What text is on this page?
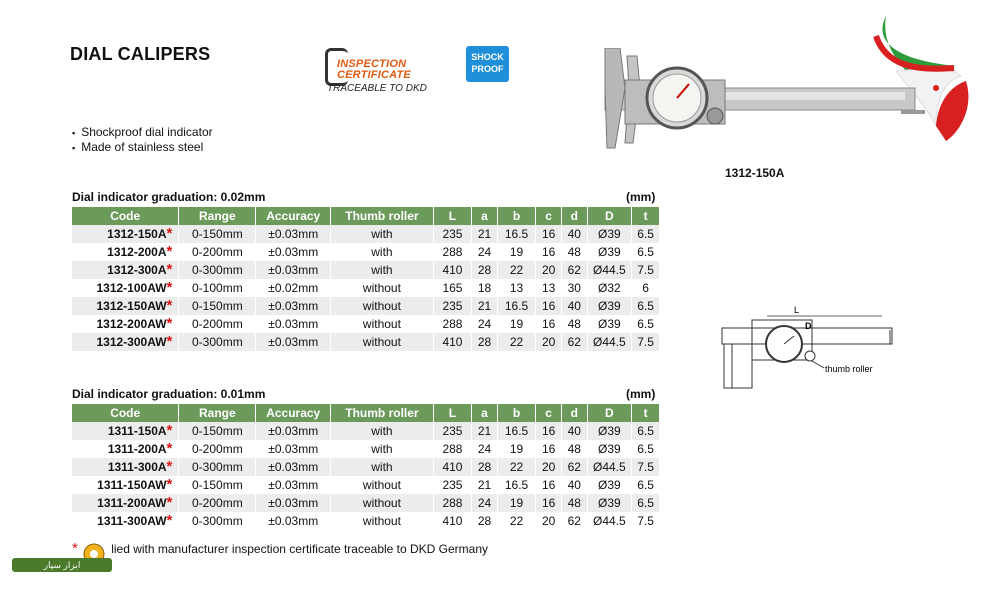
DIAL CALIPERS	INSPECTION
CERTIFICATE
TRACEABLE TO DKD
SHOCK
PROOF
▪ Shockproof dial indicator
▪ Made of stainless steel
1312-150A
L
D
thumb roller
Dial indicator graduation: 0.02mm	(mm)
Code	Range	Accuracy	Thumb roller	L	a	b	c	d	D	t
1312-150A*	0-150mm	±0.03mm	with	235	21	16.5	16	40	Ø39	6.5
1312-200A*	0-200mm	±0.03mm	with	288	24	19	16	48	Ø39	6.5
1312-300A*	0-300mm	±0.03mm	with	410	28	22	20	62	Ø44.5	7.5
1312-100AW*	0-100mm	±0.02mm	without	165	18	13	13	30	Ø32	6
1312-150AW*	0-150mm	±0.03mm	without	235	21	16.5	16	40	Ø39	6.5
1312-200AW*	0-200mm	±0.03mm	without	288	24	19	16	48	Ø39	6.5
1312-300AW*	0-300mm	±0.03mm	without	410	28	22	20	62	Ø44.5	7.5
Dial indicator graduation: 0.01mm	(mm)
Code	Range	Accuracy	Thumb roller	L	a	b	c	d	D	t
1311-150A*	0-150mm	±0.03mm	with	235	21	16.5	16	40	Ø39	6.5
1311-200A*	0-200mm	±0.03mm	with	288	24	19	16	48	Ø39	6.5
1311-300A*	0-300mm	±0.03mm	with	410	28	22	20	62	Ø44.5	7.5
1311-150AW*	0-150mm	±0.03mm	without	235	21	16.5	16	40	Ø39	6.5
1311-200AW*	0-200mm	±0.03mm	without	288	24	19	16	48	Ø39	6.5
1311-300AW*	0-300mm	±0.03mm	without	410	28	22	20	62	Ø44.5	7.5
*	lied with manufacturer inspection certificate traceable to DKD Germany
ابزار سپار
